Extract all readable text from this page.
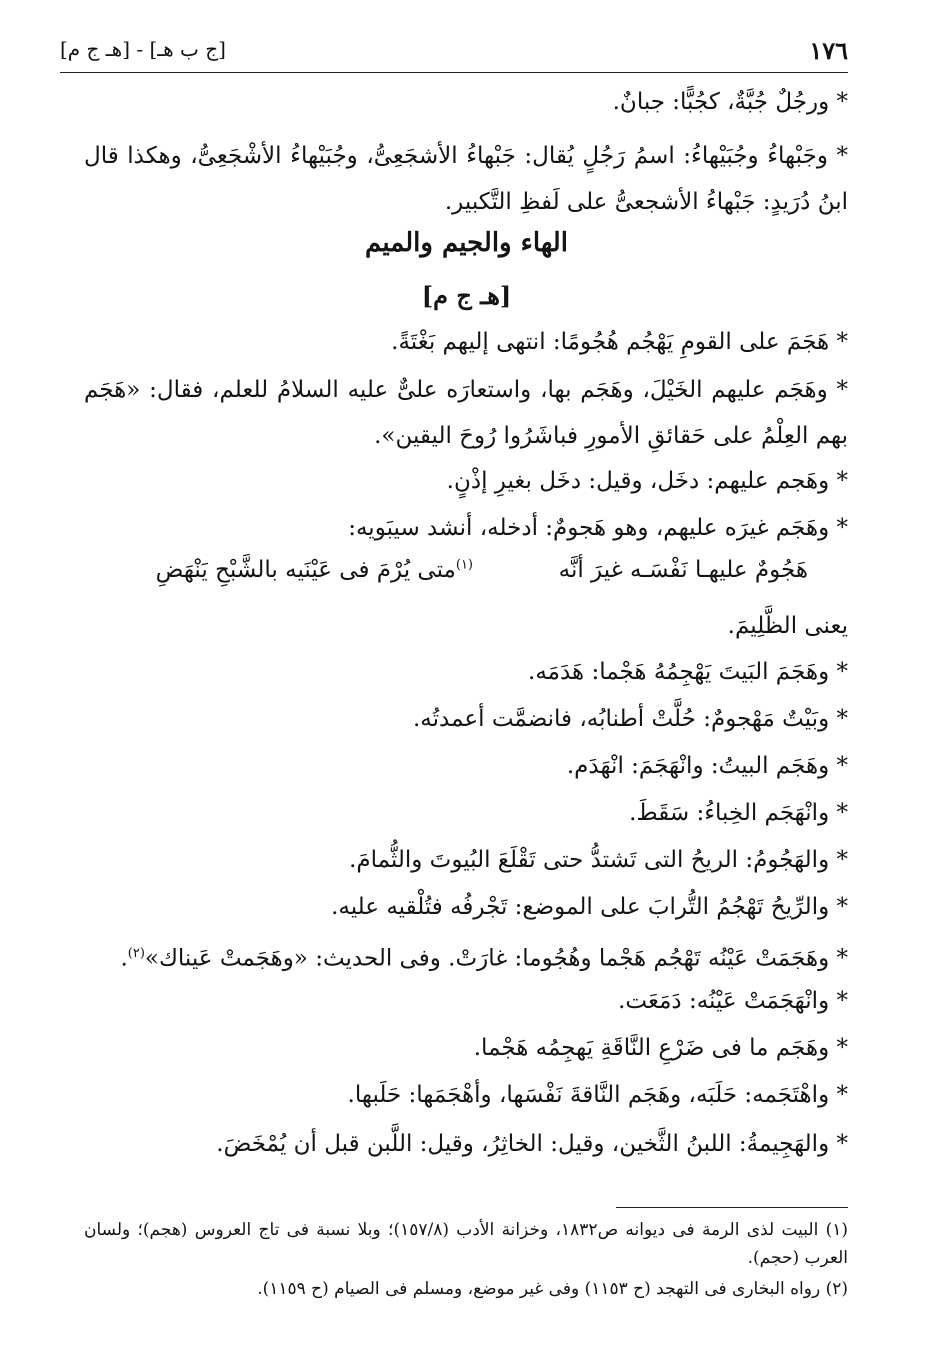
١٧٦
[ج ب هـ] - [هـ ج م]
* ورجُلٌ جُبَّةٌ، كجُبًّا: جبانٌ.
* وجَبْهاءُ وجُبَيْهاءُ: اسمُ رَجُلٍ يُقال: جَبْهاءُ الأشجَعِىُّ، وجُبَيْهاءُ الأشْجَعِىُّ، وهكذا قال ابنُ دُرَيدٍ: جَبْهاءُ الأشجعىُّ على لَفظِ التَّكبير.
الهاء والجيم والميم
[هـ ج م]
* هَجَمَ على القومِ يَهْجُم هُجُومًا: انتهى إليهم بَغْتَةً.
* وهَجَم عليهم الخَيْلَ، وهَجَم بها، واستعارَه علىٌّ عليه السلامُ للعلم، فقال: «هَجَم بهم العِلْمُ على حَقائقِ الأمورِ فباشَرُوا رُوحَ اليقين».
* وهَجم عليهم: دخَل، وقيل: دخَل بغيرِ إذْنٍ.
* وهَجَم غيرَه عليهم، وهو هَجومٌ: أدخله، أنشد سيبَويه:
$^{(١)}$متى يُرْمَ فى عَيْنَيه بالشَّبْحِ يَنْهَضِ	هَجُومٌ عليهـا نَفْسَـه غيرَ أنَّه
يعنى الظَّلِيمَ.
* وهَجَمَ البَيتَ يَهْجِمُهُ هَجْما: هَدَمَه.
* وبَيْتٌ مَهْجومٌ: حُلَّتْ أطنابُه، فانضمَّت أعمدتُه.
* وهَجَم البيتُ: وانْهَجَمَ: انْهَدَم.
* وانْهَجَم الخِباءُ: سَقَطَ.
* والهَجُومُ: الريحُ التى تَشتدُّ حتى تَقْلَعَ البُيوتَ والثُّمامَ.
* والرِّيحُ تَهْجُمُ التُّرابَ على الموضع: تَجْرفُه فتُلْقيه عليه.
* وهَجَمَتْ عَيْنُه تَهْجُم هَجْما وهُجُوما: غارَتْ. وفى الحديث: «وهَجَمتْ عَيناك»$^{(٢)}$.
* وانْهَجَمَتْ عَيْنُه: دَمَعَت.
* وهَجَم ما فى ضَرْعِ النَّاقَةِ يَهجِمُه هَجْما.
* واهْتَجَمه: حَلَبَه، وهَجَم النَّاقةَ نَفْسَها، وأهْجَمَها: حَلَبها.
* والهَجِيمةُ: اللبنُ الثَّخين، وقيل: الخاثِرُ، وقيل: اللَّبن قبل أن يُمْخَضَ.
(١) البيت لذى الرمة فى ديوانه ص١٨٣٢، وخزانة الأدب (١٥٧/٨)؛ وبلا نسبة فى تاج العروس (هجم)؛ ولسان العرب (حجم).
(٢) رواه البخارى فى التهجد (ح ١١٥٣) وفى غير موضع، ومسلم فى الصيام (ح ١١٥٩).
